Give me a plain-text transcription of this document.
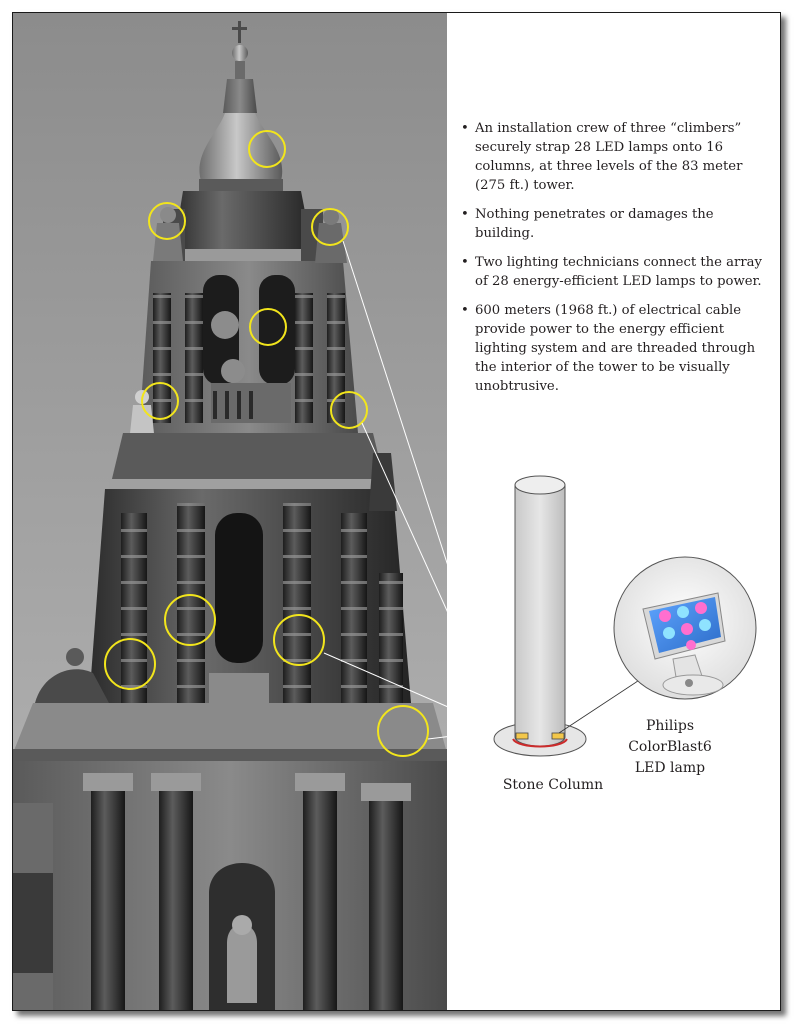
• An installation crew of three “climbers” securely strap 28 LED lamps onto 16 columns, at three levels of the 83 meter (275 ft.) tower.
• Nothing penetrates or damages the building.
• Two lighting technicians connect the array of 28 energy-efficient LED lamps to power.
• 600 meters (1968 ft.) of electrical cable provide power to the energy efficient lighting system and are threaded through the interior of the tower to be visually unobtrusive.
Stone Column
Philips ColorBlast6
LED lamp
